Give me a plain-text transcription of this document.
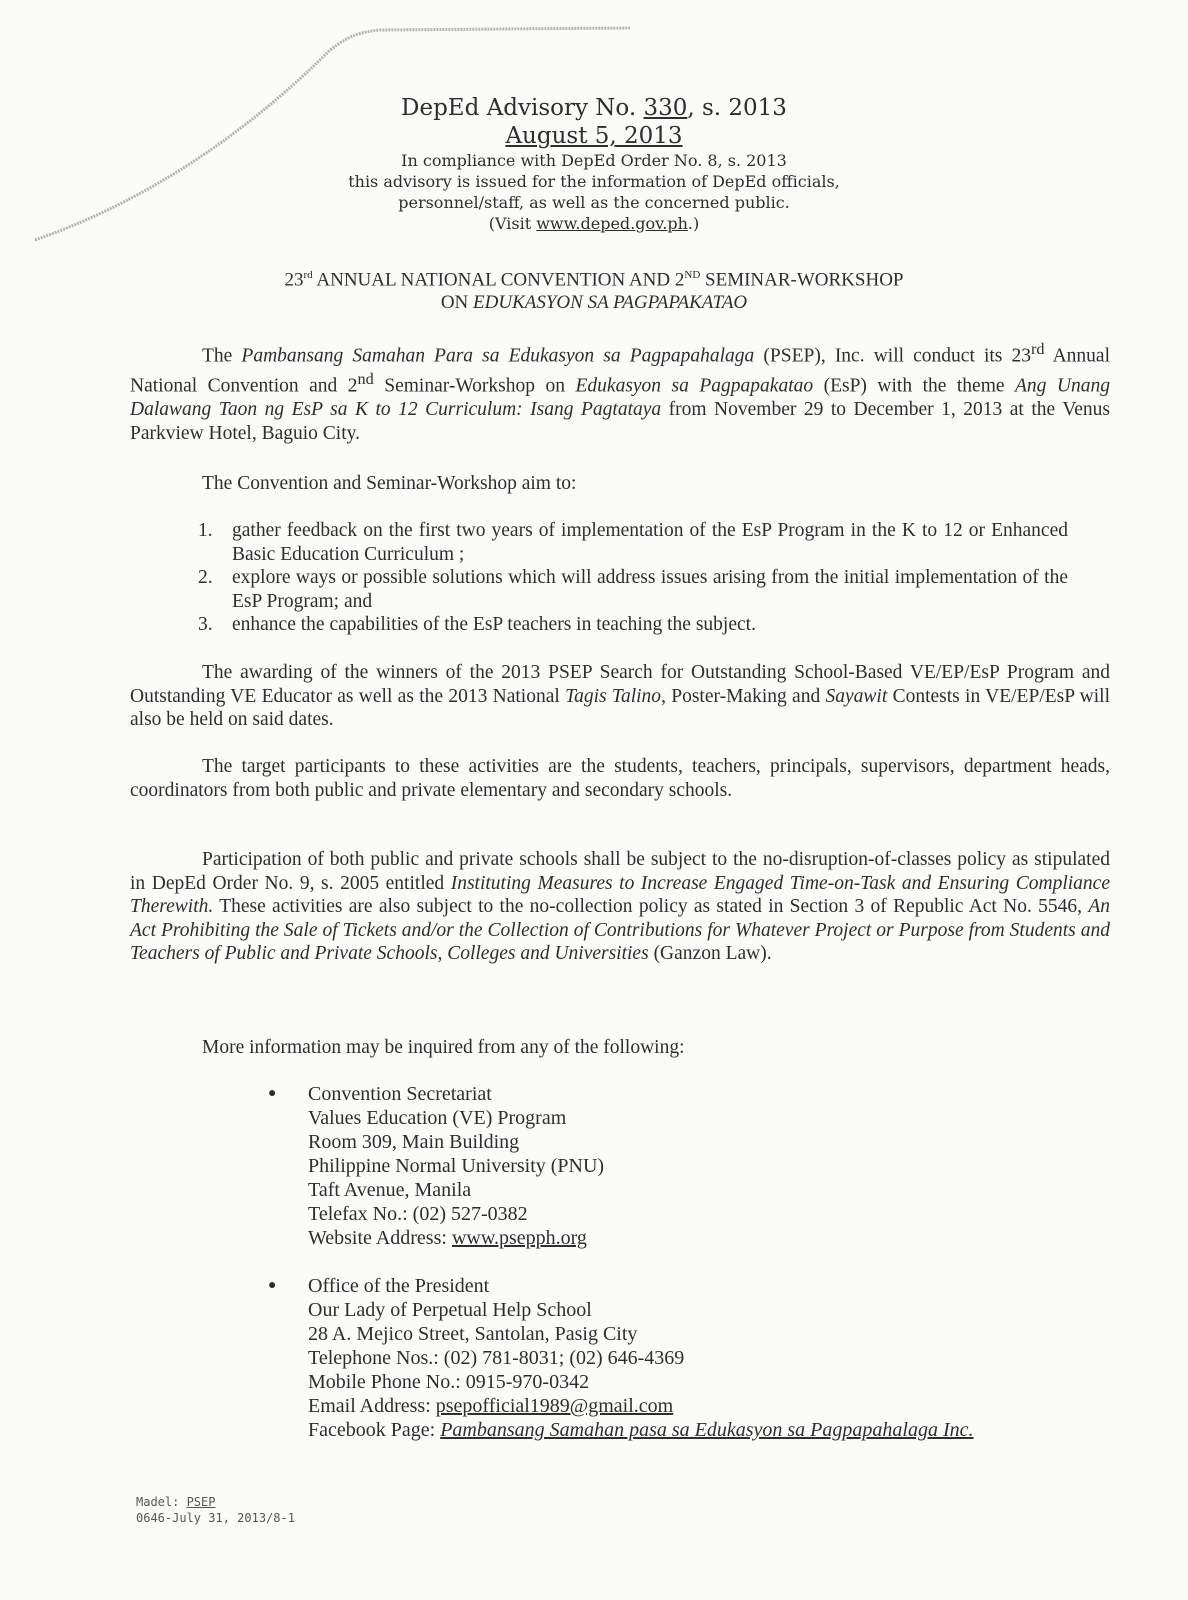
DepEd Advisory No. 330, s. 2013
August 5, 2013
In compliance with DepEd Order No. 8, s. 2013
this advisory is issued for the information of DepEd officials,
personnel/staff, as well as the concerned public.
(Visit www.deped.gov.ph.)
23rd ANNUAL NATIONAL CONVENTION AND 2ND SEMINAR-WORKSHOP
ON EDUKASYON SA PAGPAPAKATAO
The Pambansang Samahan Para sa Edukasyon sa Pagpapahalaga (PSEP), Inc. will conduct its 23rd Annual National Convention and 2nd Seminar-Workshop on Edukasyon sa Pagpapakatao (EsP) with the theme Ang Unang Dalawang Taon ng EsP sa K to 12 Curriculum: Isang Pagtataya from November 29 to December 1, 2013 at the Venus Parkview Hotel, Baguio City.
The Convention and Seminar-Workshop aim to:
1. gather feedback on the first two years of implementation of the EsP Program in the K to 12 or Enhanced Basic Education Curriculum ;
2. explore ways or possible solutions which will address issues arising from the initial implementation of the EsP Program; and
3. enhance the capabilities of the EsP teachers in teaching the subject.
The awarding of the winners of the 2013 PSEP Search for Outstanding School-Based VE/EP/EsP Program and Outstanding VE Educator as well as the 2013 National Tagis Talino, Poster-Making and Sayawit Contests in VE/EP/EsP will also be held on said dates.
The target participants to these activities are the students, teachers, principals, supervisors, department heads, coordinators from both public and private elementary and secondary schools.
Participation of both public and private schools shall be subject to the no-disruption-of-classes policy as stipulated in DepEd Order No. 9, s. 2005 entitled Instituting Measures to Increase Engaged Time-on-Task and Ensuring Compliance Therewith. These activities are also subject to the no-collection policy as stated in Section 3 of Republic Act No. 5546, An Act Prohibiting the Sale of Tickets and/or the Collection of Contributions for Whatever Project or Purpose from Students and Teachers of Public and Private Schools, Colleges and Universities (Ganzon Law).
More information may be inquired from any of the following:
●	Convention Secretariat
Values Education (VE) Program
Room 309, Main Building
Philippine Normal University (PNU)
Taft Avenue, Manila
Telefax No.: (02) 527-0382
Website Address: www.psepph.org
●	Office of the President
Our Lady of Perpetual Help School
28 A. Mejico Street, Santolan, Pasig City
Telephone Nos.: (02) 781-8031; (02) 646-4369
Mobile Phone No.: 0915-970-0342
Email Address: psepofficial1989@gmail.com
Facebook Page: Pambansang Samahan pasa sa Edukasyon sa Pagpapahalaga Inc.
Madel: PSEP
0646-July 31, 2013/8-1
